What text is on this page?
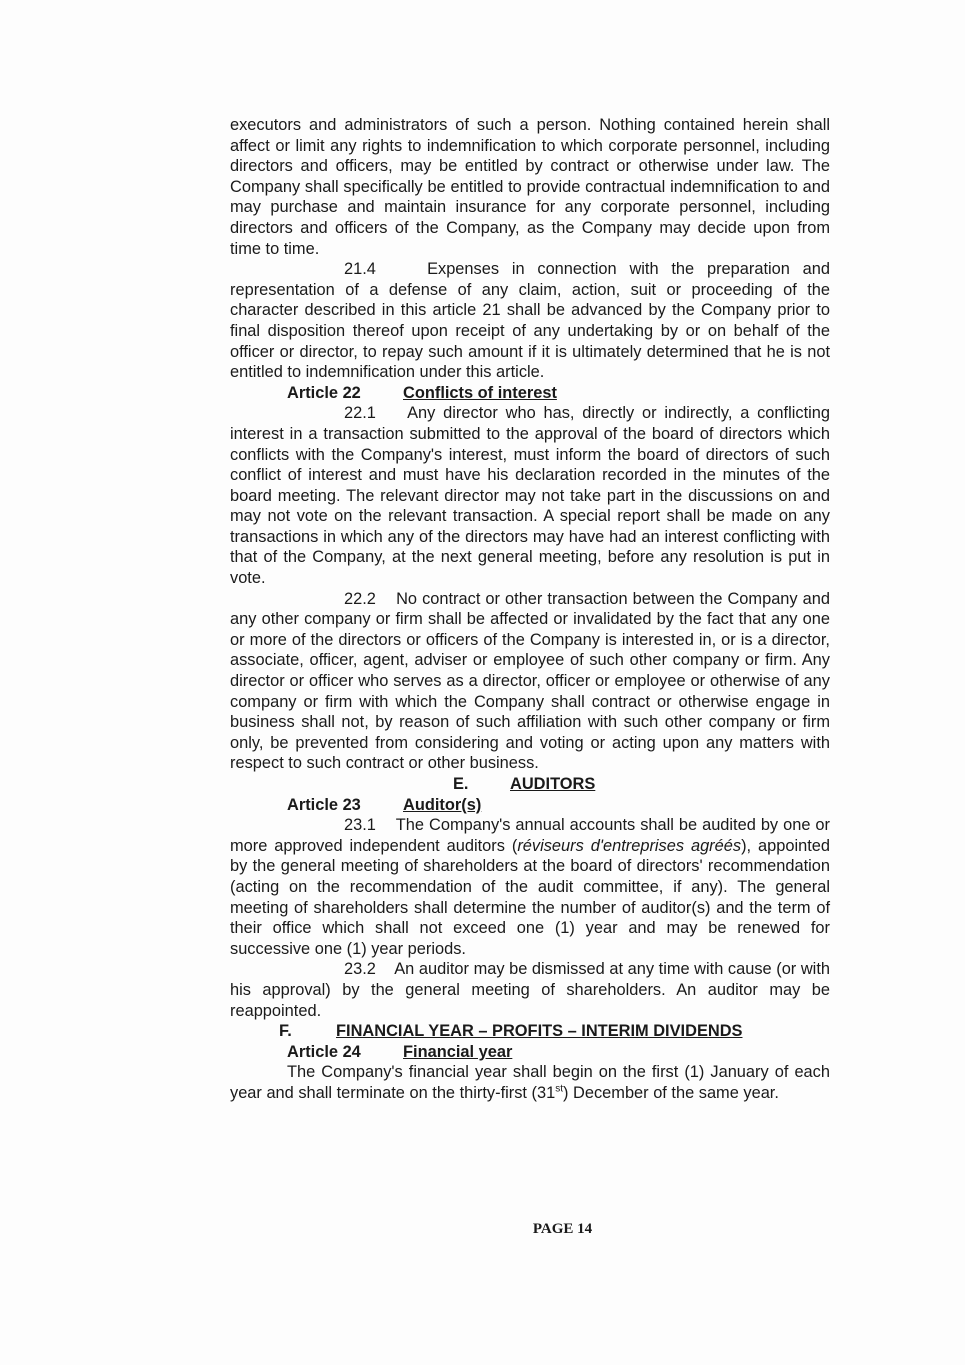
executors and administrators of such a person. Nothing contained herein shall affect or limit any rights to indemnification to which corporate personnel, including directors and officers, may be entitled by contract or otherwise under law. The Company shall specifically be entitled to provide contractual indemnification to and may purchase and maintain insurance for any corporate personnel, including directors and officers of the Company, as the Company may decide upon from time to time.

21.4	Expenses in connection with the preparation and representation of a defense of any claim, action, suit or proceeding of the character described in this article 21 shall be advanced by the Company prior to final disposition thereof upon receipt of any undertaking by or on behalf of the officer or director, to repay such amount if it is ultimately determined that he is not entitled to indemnification under this article.

Article 22	Conflicts of interest

22.1 Any director who has, directly or indirectly, a conflicting interest in a transaction submitted to the approval of the board of directors which conflicts with the Company's interest, must inform the board of directors of such conflict of interest and must have his declaration recorded in the minutes of the board meeting. The relevant director may not take part in the discussions on and may not vote on the relevant transaction. A special report shall be made on any transactions in which any of the directors may have had an interest conflicting with that of the Company, at the next general meeting, before any resolution is put in vote.

22.2 No contract or other transaction between the Company and any other company or firm shall be affected or invalidated by the fact that any one or more of the directors or officers of the Company is interested in, or is a director, associate, officer, agent, adviser or employee of such other company or firm. Any director or officer who serves as a director, officer or employee or otherwise of any company or firm with which the Company shall contract or otherwise engage in business shall not, by reason of such affiliation with such other company or firm only, be prevented from considering and voting or acting upon any matters with respect to such contract or other business.

E.	AUDITORS

Article 23	Auditor(s)

23.1 The Company's annual accounts shall be audited by one or more approved independent auditors (réviseurs d'entreprises agréés), appointed by the general meeting of shareholders at the board of directors' recommendation (acting on the recommendation of the audit committee, if any). The general meeting of shareholders shall determine the number of auditor(s) and the term of their office which shall not exceed one (1) year and may be renewed for successive one (1) year periods.

23.2 An auditor may be dismissed at any time with cause (or with his approval) by the general meeting of shareholders. An auditor may be reappointed.

F.	FINANCIAL YEAR – PROFITS – INTERIM DIVIDENDS

Article 24	Financial year

The Company's financial year shall begin on the first (1) January of each year and shall terminate on the thirty-first (31st) December of the same year.

PAGE 14
